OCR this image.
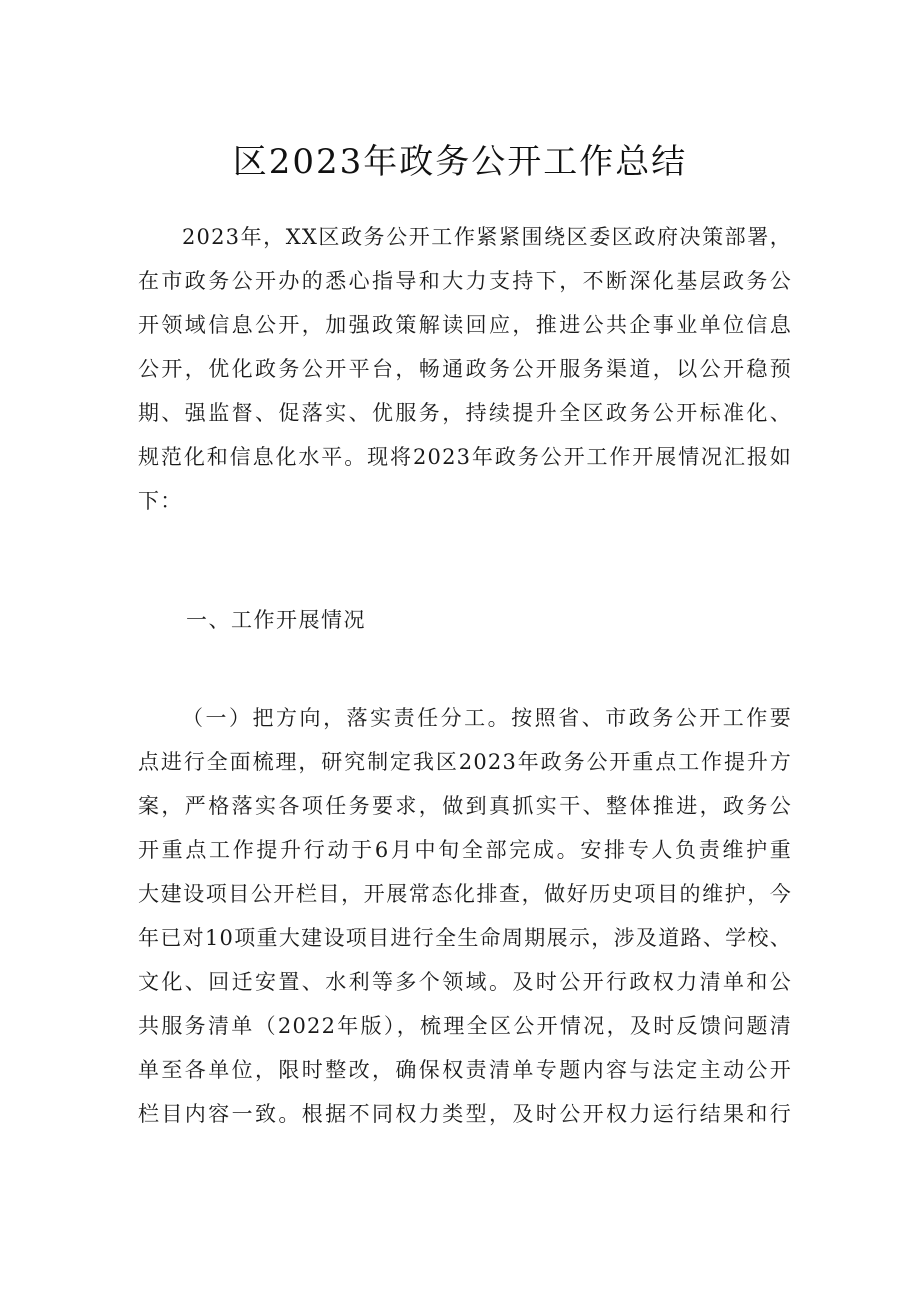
区2023年政务公开工作总结
2023年，XX区政务公开工作紧紧围绕区委区政府决策部署，
在市政务公开办的悉心指导和大力支持下，不断深化基层政务公
开领域信息公开，加强政策解读回应，推进公共企事业单位信息
公开，优化政务公开平台，畅通政务公开服务渠道，以公开稳预
期、强监督、促落实、优服务，持续提升全区政务公开标准化、
规范化和信息化水平。现将2023年政务公开工作开展情况汇报如
下：
一、工作开展情况
（一）把方向，落实责任分工。按照省、市政务公开工作要
点进行全面梳理，研究制定我区2023年政务公开重点工作提升方
案，严格落实各项任务要求，做到真抓实干、整体推进，政务公
开重点工作提升行动于6月中旬全部完成。安排专人负责维护重
大建设项目公开栏目，开展常态化排查，做好历史项目的维护，今
年已对10项重大建设项目进行全生命周期展示，涉及道路、学校、
文化、回迁安置、水利等多个领域。及时公开行政权力清单和公
共服务清单（2022年版），梳理全区公开情况，及时反馈问题清
单至各单位，限时整改，确保权责清单专题内容与法定主动公开
栏目内容一致。根据不同权力类型，及时公开权力运行结果和行
